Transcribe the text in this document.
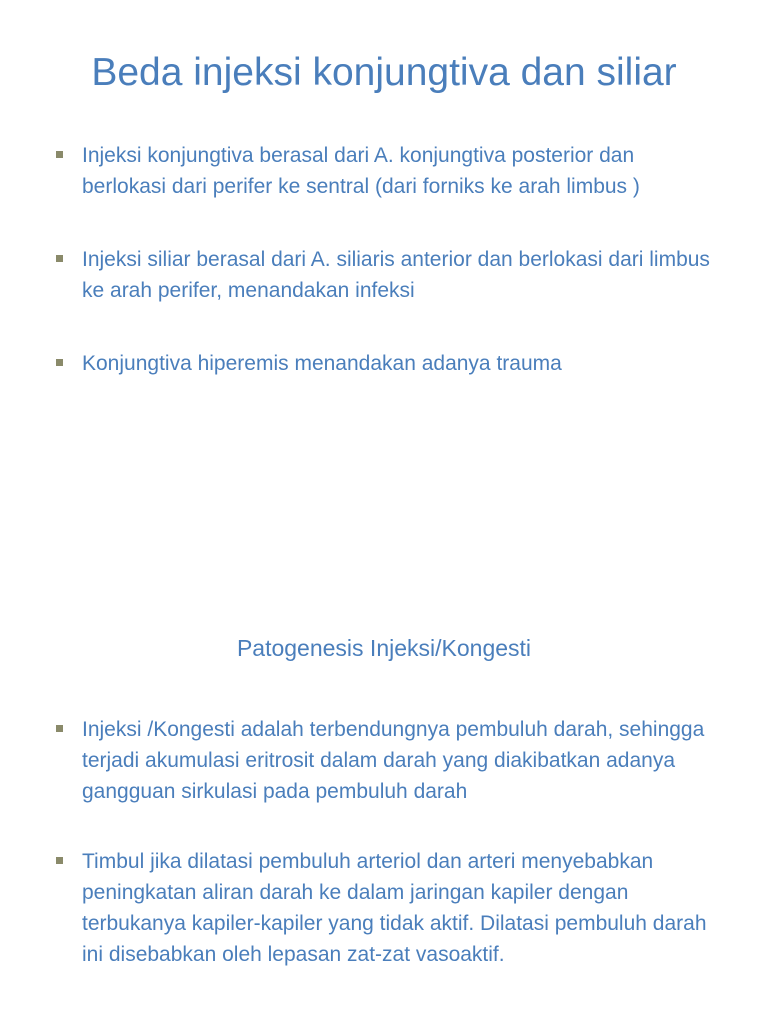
Beda injeksi konjungtiva dan siliar
Injeksi konjungtiva berasal dari A. konjungtiva posterior dan berlokasi dari perifer ke sentral (dari forniks ke arah limbus )
Injeksi siliar berasal dari A. siliaris anterior dan berlokasi dari limbus ke arah perifer, menandakan infeksi
Konjungtiva hiperemis menandakan adanya trauma
Patogenesis Injeksi/Kongesti
Injeksi /Kongesti adalah terbendungnya pembuluh darah, sehingga terjadi akumulasi eritrosit dalam darah yang diakibatkan adanya gangguan sirkulasi pada pembuluh darah
Timbul jika dilatasi pembuluh arteriol dan arteri menyebabkan peningkatan aliran darah ke dalam jaringan kapiler dengan terbukanya kapiler-kapiler yang tidak aktif. Dilatasi pembuluh darah ini disebabkan oleh lepasan zat-zat vasoaktif.
